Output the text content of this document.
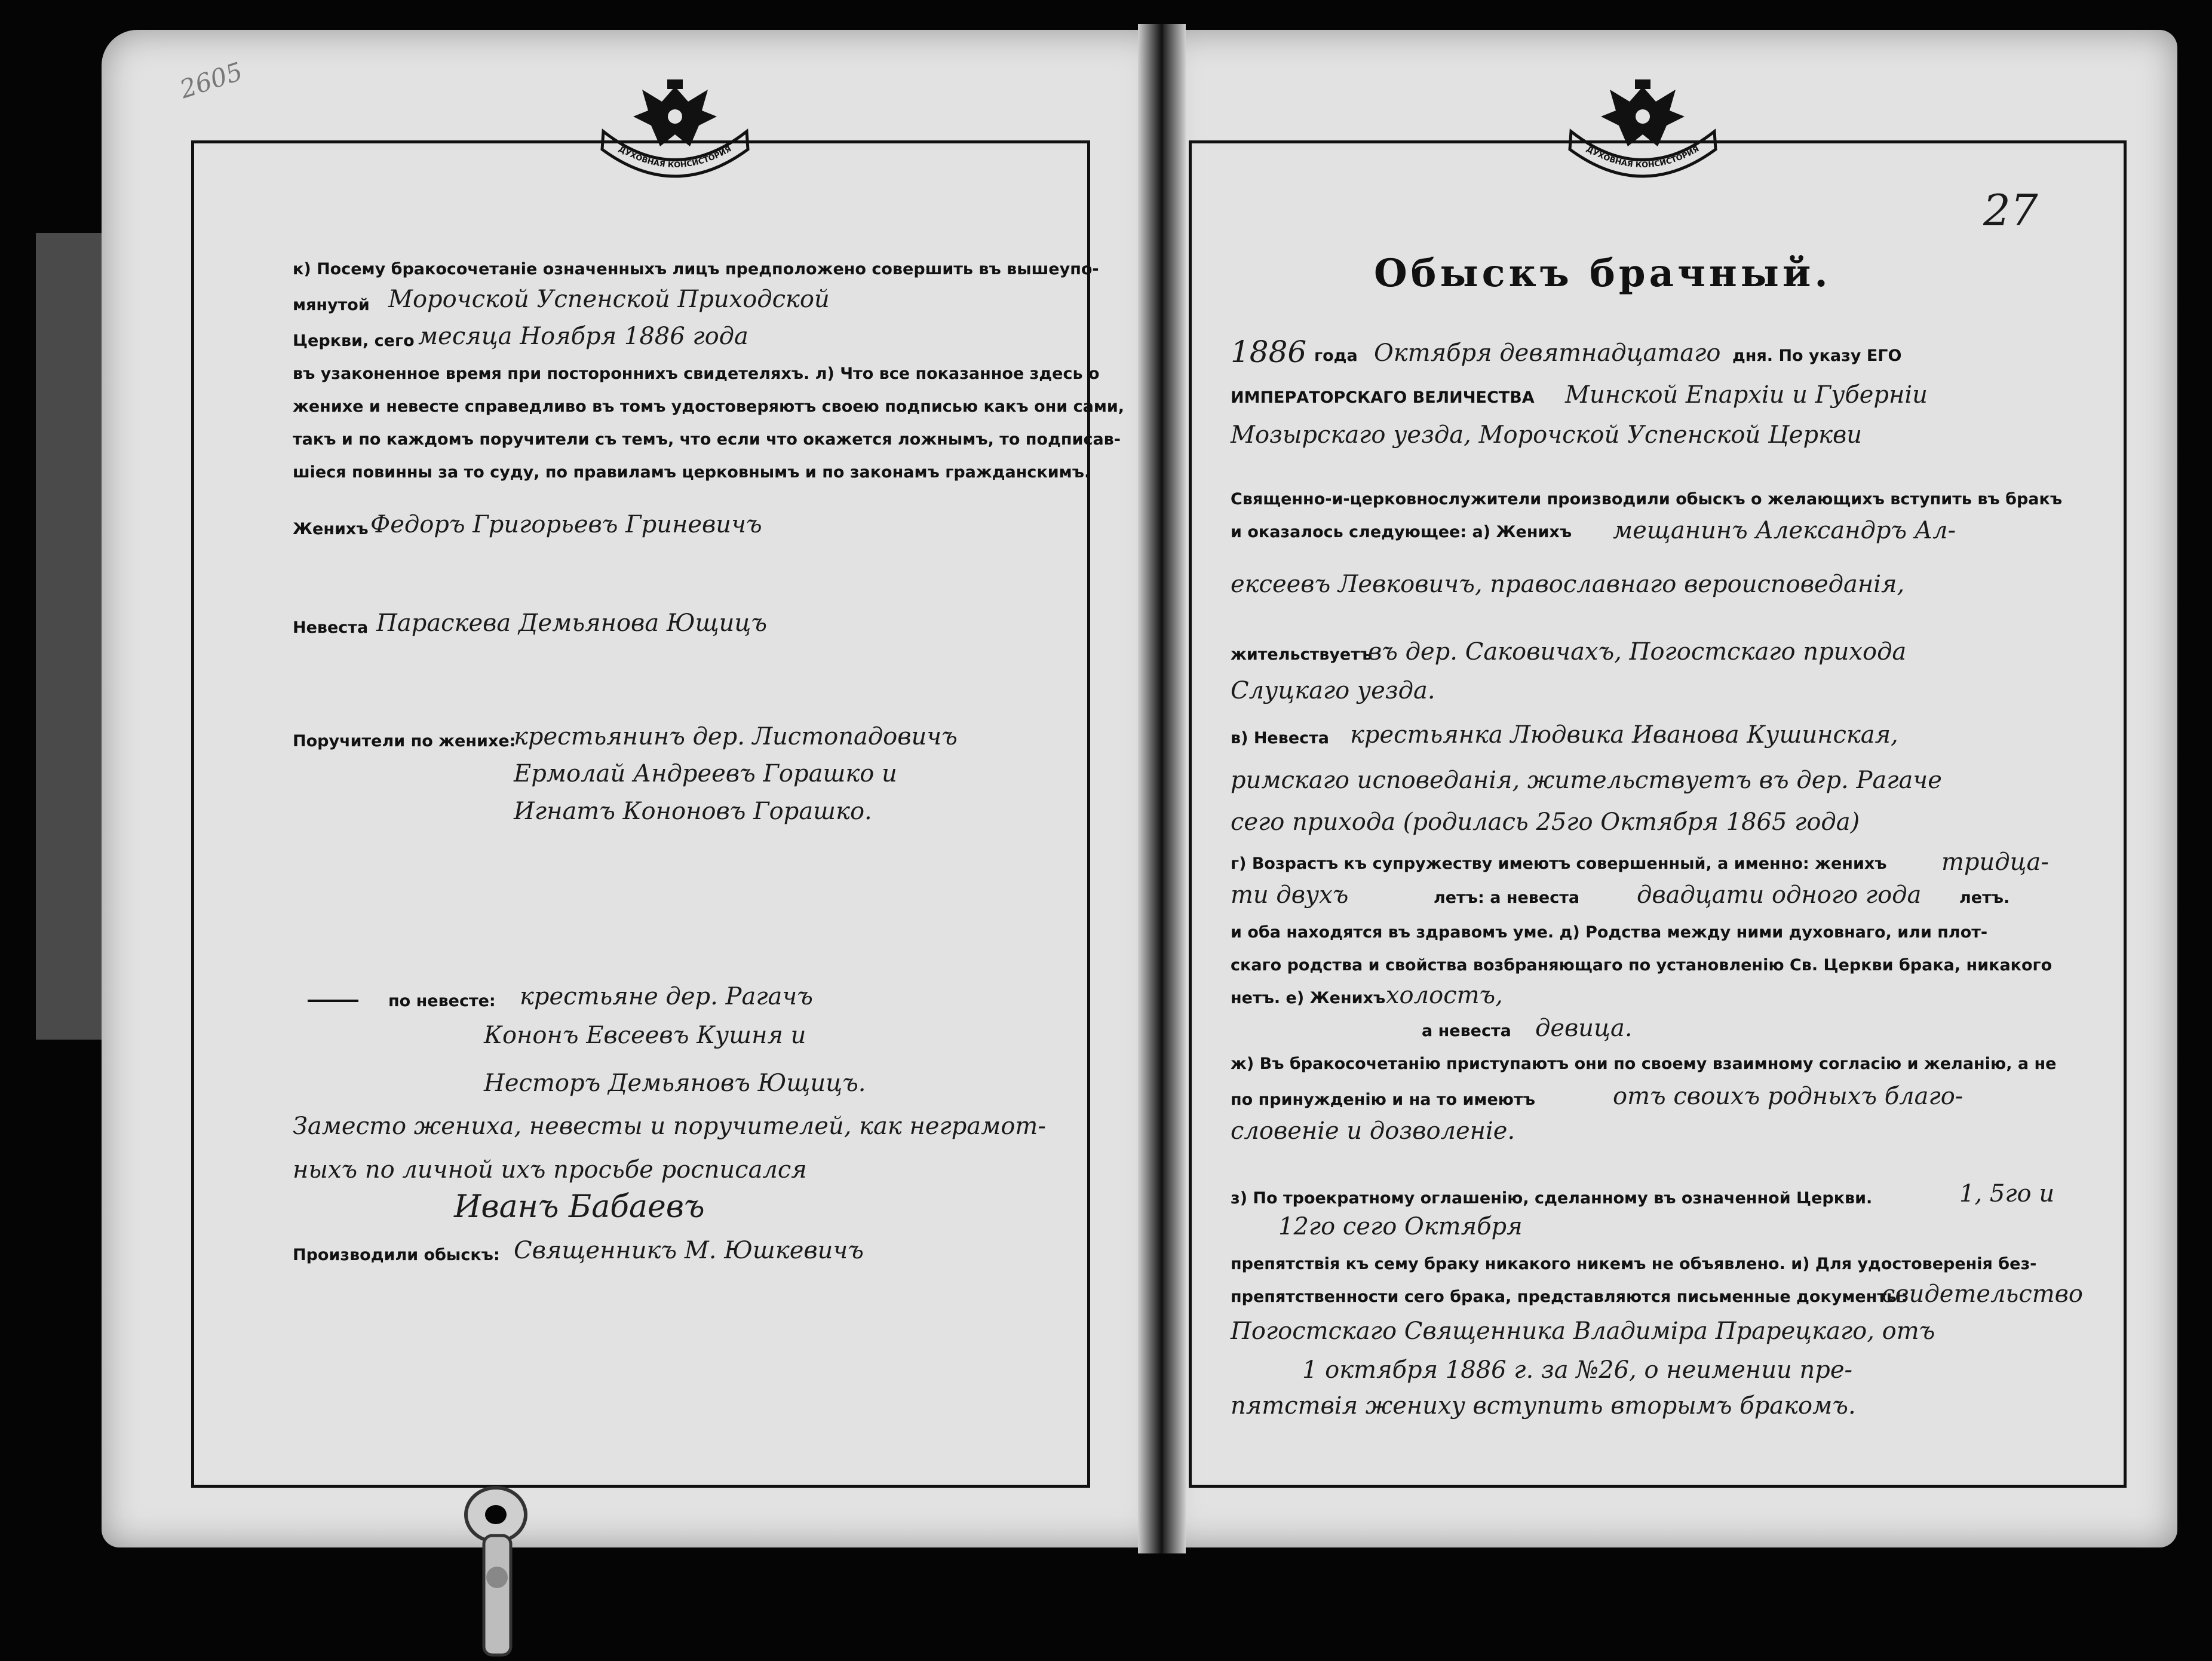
2605
ДУХОВНАЯ КОНСИСТОРИЯ	ДУХОВНАЯ КОНСИСТОРИЯ
27
Обыскъ брачный.
1886 года Октября девятнадцатаго дня. По указу ЕГО
ИМПЕРАТОРСКАГО ВЕЛИЧЕСТВА Минской Епархiи и Губернiи
Мозырскаго уезда, Морочской Успенской Церкви
Священно-и-церковнослужители производили обыскъ о желающихъ вступить въ бракъ
и оказалось следующее: а) Женихъ мещанинъ Александръ Ал-
ексеевъ Левковичъ, православнаго вероисповеданiя,
жительствуетъ
въ дер. Саковичахъ, Погостскаго прихода
Слуцкаго уезда.
в) Невеста крестьянка Людвика Иванова Кушинская,
римскаго исповеданiя, жительствуетъ въ дер. Рагаче
сего прихода (родилась 25го Октября 1865 года)
г) Возрастъ къ супружеству имеютъ совершенный, а именно: женихъ тридца-
ти двухъ	летъ: а невеста двадцати одного года летъ.
и оба находятся въ здравомъ уме. д) Родства между ними духовнаго, или плот-
скаго родства и свойства возбраняющаго по установленiю Св. Церкви брака, никакого
нетъ. е) Женихъ холостъ,
а невеста девица.
ж) Въ бракосочетанiю приступаютъ они по своему взаимному согласiю и желанiю, а не
по принужденiю и на то имеютъ	отъ своихъ родныхъ благо-
словенiе и дозволенiе.
з) По троекратному оглашенiю, сделанному въ означенной Церкви.	1, 5го и
12го сего Октября
препятствiя къ сему браку никакого никемъ не объявлено. и) Для удостоверенiя без-
препятственности сего брака, представляются письменные документы:
свидетельство
Погостскаго Священника Владимiра Прарецкаго, отъ
1 октября 1886 г. за №26, о неимении пре-
пятствiя жениху вступить вторымъ бракомъ.
к) Посему бракосочетанiе означенныхъ лицъ предположено совершить въ вышеупо-
мянутой Морочской Успенской Приходской
Церкви, сего месяца Ноября 1886 года
въ узаконенное время при постороннихъ свидетеляхъ. л) Что все показанное здесь о
женихе и невесте справедливо въ томъ удостоверяютъ своею подписью какъ они сами,
такъ и по каждомъ поручители съ темъ, что если что окажется ложнымъ, то подписав-
шiеся повинны за то суду, по правиламъ церковнымъ и по законамъ гражданскимъ.
Женихъ Федоръ Григорьевъ Гриневичъ
Невеста Параскева Демьянова Ющицъ
Поручители по женихе:
крестьянинъ дер. Листопадовичъ
Ермолай Андреевъ Горашко и
Игнатъ Кононовъ Горашко.
по невесте: крестьяне дер. Рагачъ
Кононъ Евсеевъ Кушня и
Несторъ Демьяновъ Ющицъ.
Заместо жениха, невесты и поручителей, как неграмот-
ныхъ по личной ихъ просьбе росписался
Иванъ Бабаевъ
Производили обыскъ: Священникъ М. Юшкевичъ
